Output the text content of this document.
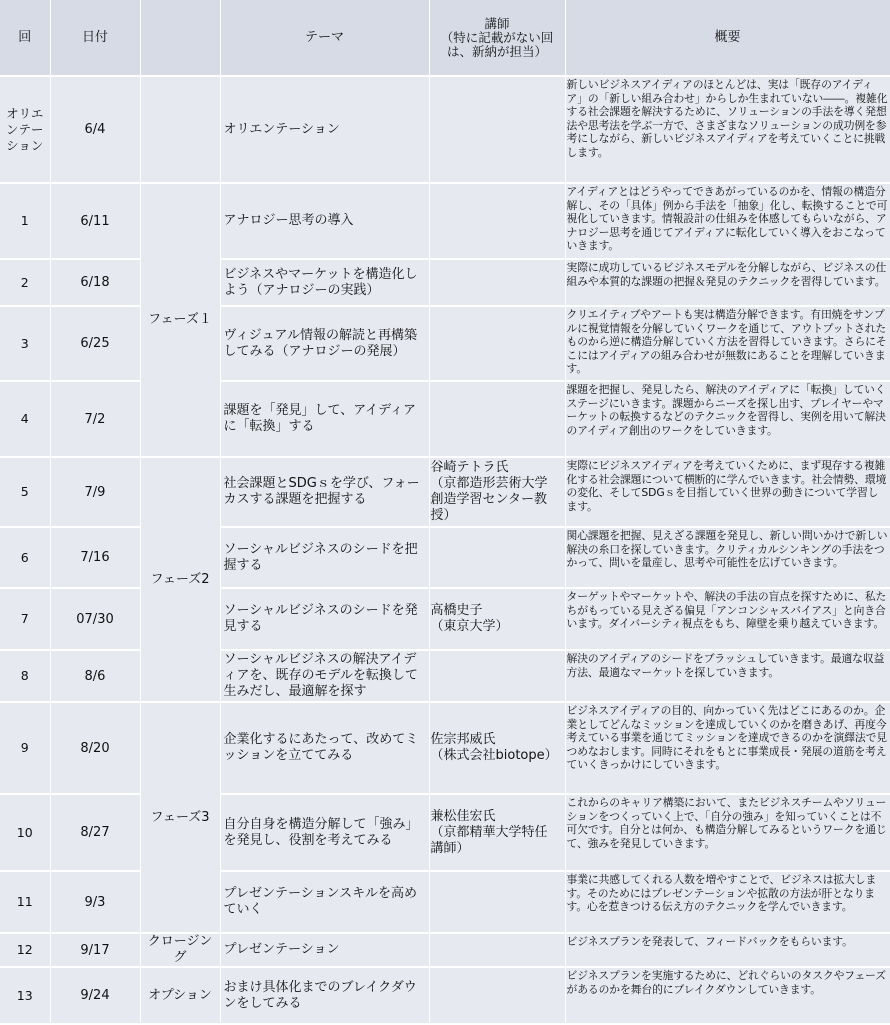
回	日付		テーマ	講師
（特に記載がない回
は、新納が担当）	概要
オリエ
ンテー
ション	6/4		オリエンテーション		新しいビジネスアイディアのほとんどは、実は「既存のアイディア」の「新しい組み合わせ」からしか生まれていない――。複雑化する社会課題を解決するために、ソリューションの手法を導く発想法や思考法を学ぶ一方で、さまざまなソリューションの成功例を参考にしながら、新しいビジネスアイディアを考えていくことに挑戦します。

1	6/11	フェーズ１	アナロジー思考の導入		アイディアとはどうやってできあがっているのかを、情報の構造分解し、その「具体」例から手法を「抽象」化し、転換することで可視化していきます。情報設計の仕組みを体感してもらいながら、アナロジー思考を通じてアイディアに転化していく導入をおこなっていきます。

2	6/18		ビジネスやマーケットを構造化しよう（アナロジーの実践）		実際に成功しているビジネスモデルを分解しながら、ビジネスの仕組みや本質的な課題の把握＆発見のテクニックを習得しています。

3	6/25		ヴィジュアル情報の解読と再構築してみる（アナロジーの発展）		クリエイティブやアートも実は構造分解できます。有田焼をサンプルに視覚情報を分解していくワークを通じて、アウトプットされたものから逆に構造分解していく方法を習得していきます。さらにそこにはアイディアの組み合わせが無数にあることを理解していきます。

4	7/2		課題を「発見」して、アイディアに「転換」する		課題を把握し、発見したら、解決のアイディアに「転換」していくステージにいきます。課題からニーズを探し出す、プレイヤーやマーケットの転換するなどのテクニックを習得し、実例を用いて解決のアイディア創出のワークをしていきます。

5	7/9	フェーズ2	社会課題とSDGｓを学び、フォーカスする課題を把握する	谷崎テトラ氏
（京都造形芸術大学
創造学習センター教
授）	実際にビジネスアイディアを考えていくために、まず現存する複雑化する社会課題について横断的に学んでいきます。社会情勢、環境の変化、そしてSDGｓを目指していく世界の動きについて学習します。

6	7/16		ソーシャルビジネスのシードを把握する		関心課題を把握、見えざる課題を発見し、新しい問いかけで新しい解決の糸口を探していきます。クリティカルシンキングの手法をつかって、問いを量産し、思考や可能性を広げていきます。

7	07/30		ソーシャルビジネスのシードを発見する	高橋史子
（東京大学）	ターゲットやマーケットや、解決の手法の盲点を探すために、私たちがもっている見えざる偏見「アンコンシャスバイアス」と向き合います。ダイバーシティ視点をもち、障壁を乗り越えていきます。

8	8/6		ソーシャルビジネスの解決アイディアを、既存のモデルを転換して生みだし、最適解を探す		解決のアイディアのシードをブラッシュしていきます。最適な収益方法、最適なマーケットを探していきます。

9	8/20	フェーズ3	企業化するにあたって、改めてミッションを立ててみる	佐宗邦威氏
（株式会社biotope）	ビジネスアイディアの目的、向かっていく先はどこにあるのか。企業としてどんなミッションを達成していくのかを磨きあげ、再度今考えている事業を通じてミッションを達成できるのかを演繹法で見つめなおします。同時にそれをもとに事業成長・発展の道筋を考えていくきっかけにしていきます。

10	8/27		自分自身を構造分解して「強み」を発見し、役割を考えてみる	兼松佳宏氏
（京都精華大学特任
講師）	これからのキャリア構築において、またビジネスチームやソリューションをつくっていく上で、「自分の強み」を知っていくことは不可欠です。自分とは何か、も構造分解してみるというワークを通じて、強みを発見していきます。

11	9/3		プレゼンテーションスキルを高めていく		事業に共感してくれる人数を増やすことで、ビジネスは拡大します。そのためにはプレゼンテーションや拡散の方法が肝となります。心を惹きつける伝え方のテクニックを学んでいきます。

12	9/17	クロージン
グ	プレゼンテーション		ビジネスプランを発表して、フィードバックをもらいます。

13	9/24	オプション	おまけ具体化までのブレイクダウンをしてみる		ビジネスプランを実施するために、どれぐらいのタスクやフェーズがあるのかを舞台的にブレイクダウンしていきます。
